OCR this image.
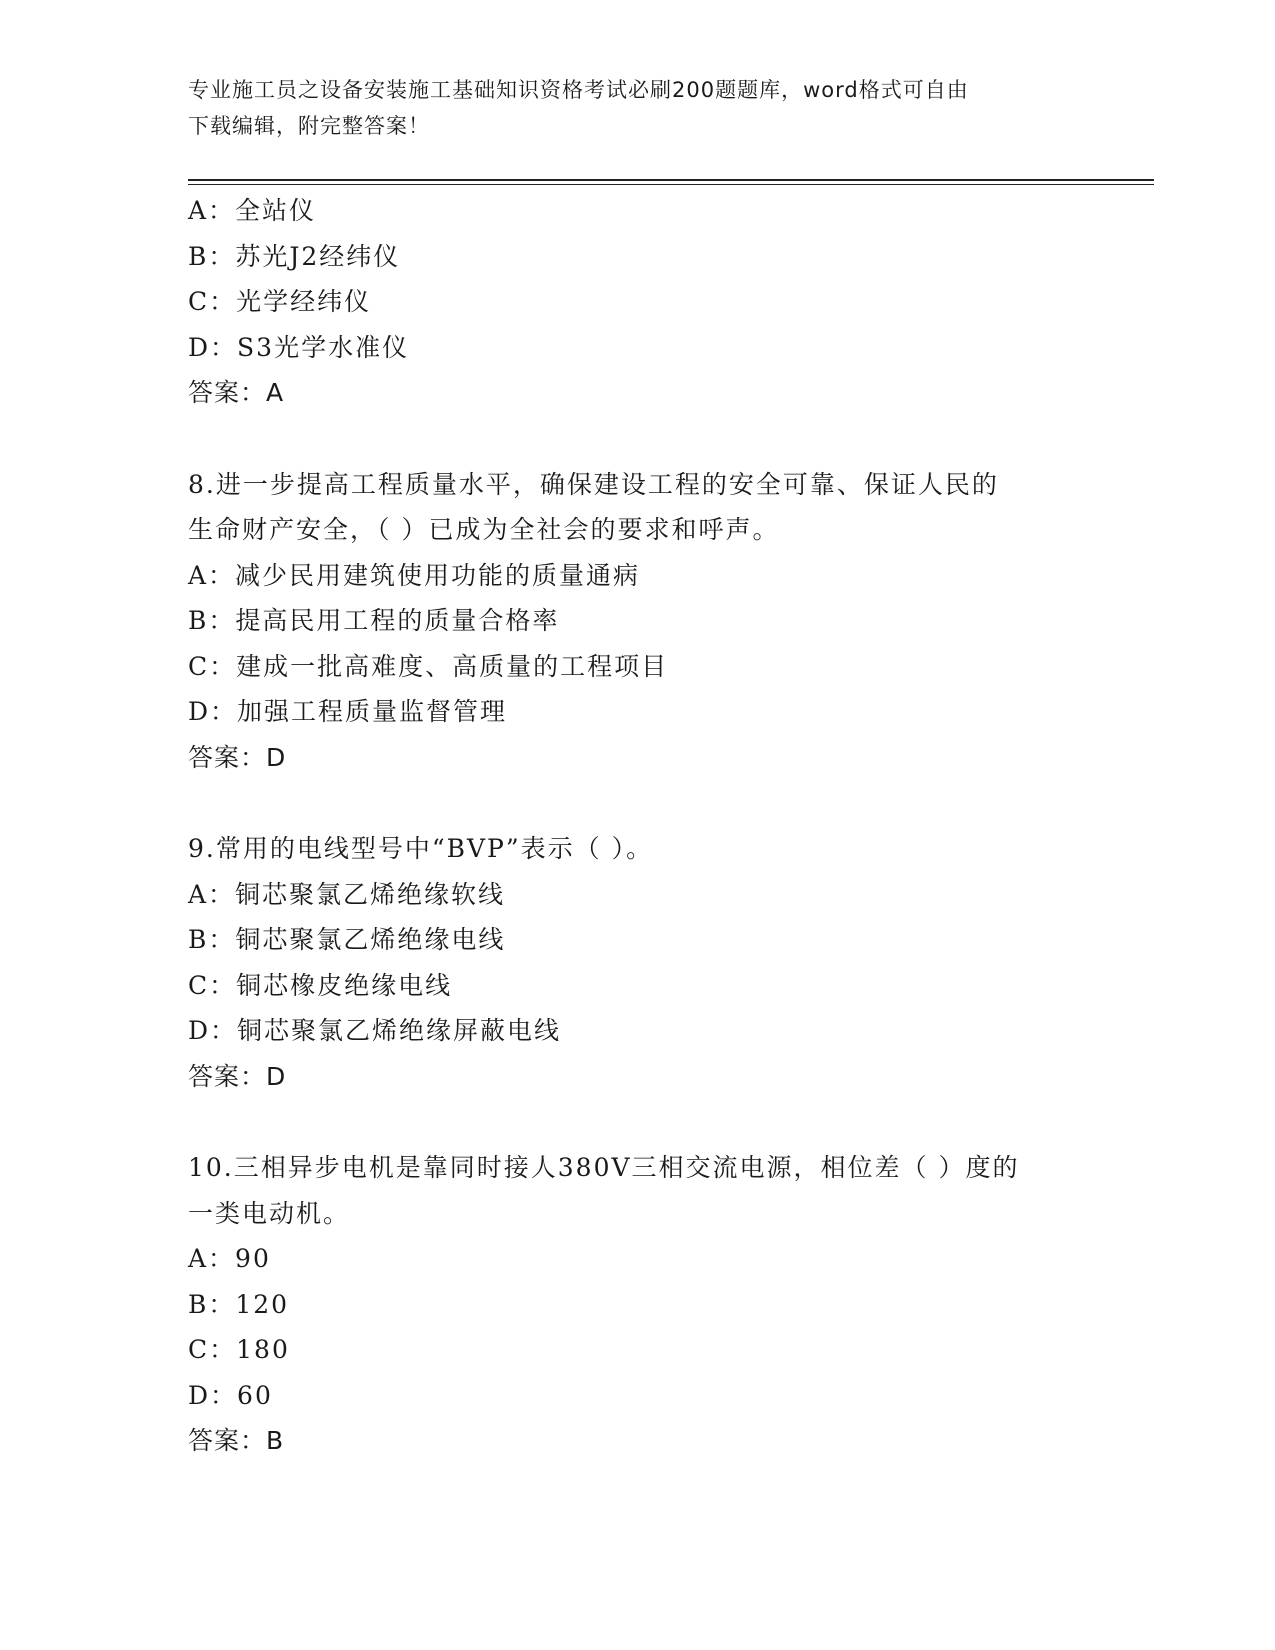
专业施工员之设备安装施工基础知识资格考试必刷200题题库，word格式可自由
下载编辑，附完整答案！
A：全站仪
B：苏光J2经纬仪
C：光学经纬仪
D：S3光学水准仪
答案：A
8.进一步提高工程质量水平，确保建设工程的安全可靠、保证人民的
生命财产安全，（ ）已成为全社会的要求和呼声。
A：减少民用建筑使用功能的质量通病
B：提高民用工程的质量合格率
C：建成一批高难度、高质量的工程项目
D：加强工程质量监督管理
答案：D
9.常用的电线型号中“BVP”表示（ ）。
A：铜芯聚氯乙烯绝缘软线
B：铜芯聚氯乙烯绝缘电线
C：铜芯橡皮绝缘电线
D：铜芯聚氯乙烯绝缘屏蔽电线
答案：D
10.三相异步电机是靠同时接人380V三相交流电源，相位差（ ）度的
一类电动机。
A：90
B：120
C：180
D：60
答案：B
